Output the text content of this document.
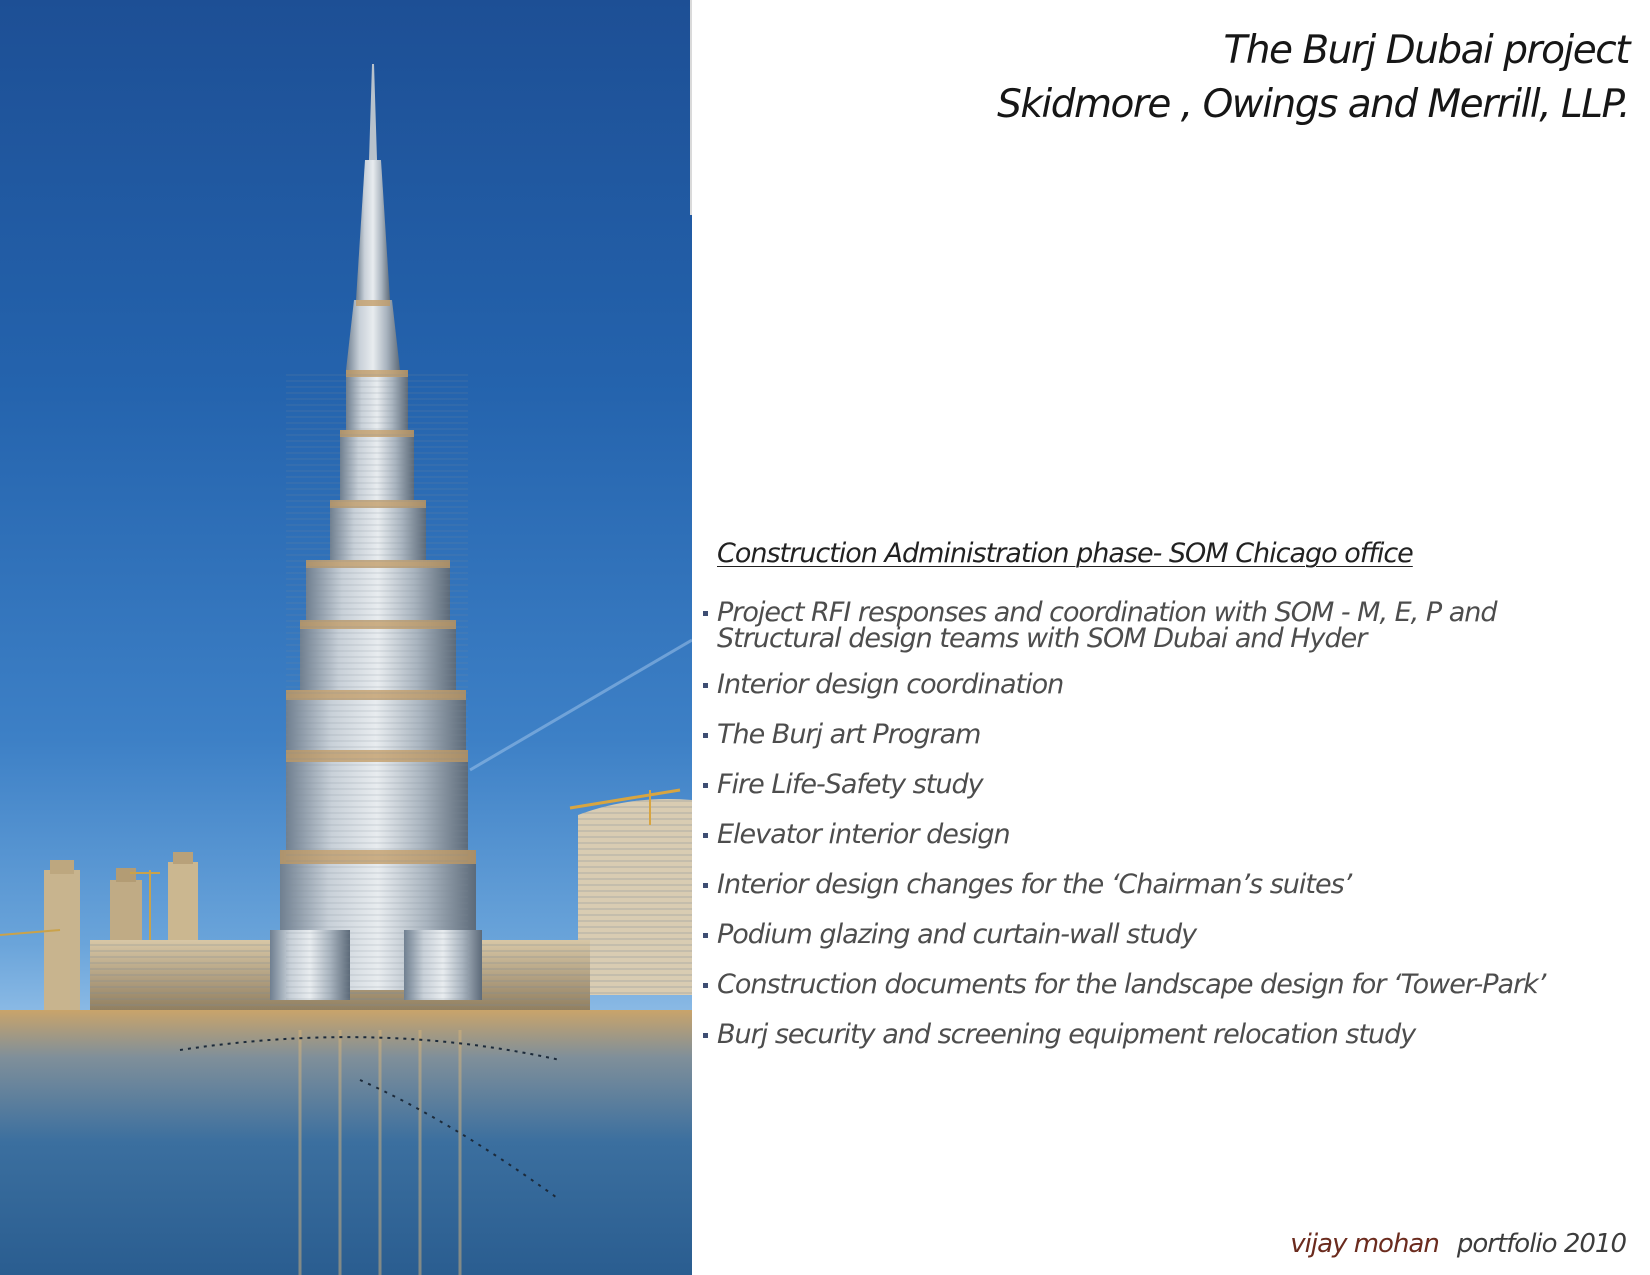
The Burj Dubai project
Skidmore , Owings and Merrill, LLP.
Construction Administration phase- SOM Chicago office
Project RFI responses and coordination with SOM - M, E, P and
Structural design teams with SOM Dubai and Hyder
Interior design coordination
The Burj art Program
Fire Life-Safety study
Elevator interior design
Interior design changes for the ‘Chairman’s suites’
Podium glazing and curtain-wall study
Construction documents for the landscape design for ‘Tower-Park’
Burj security and screening equipment relocation study
vijay mohan portfolio 2010
